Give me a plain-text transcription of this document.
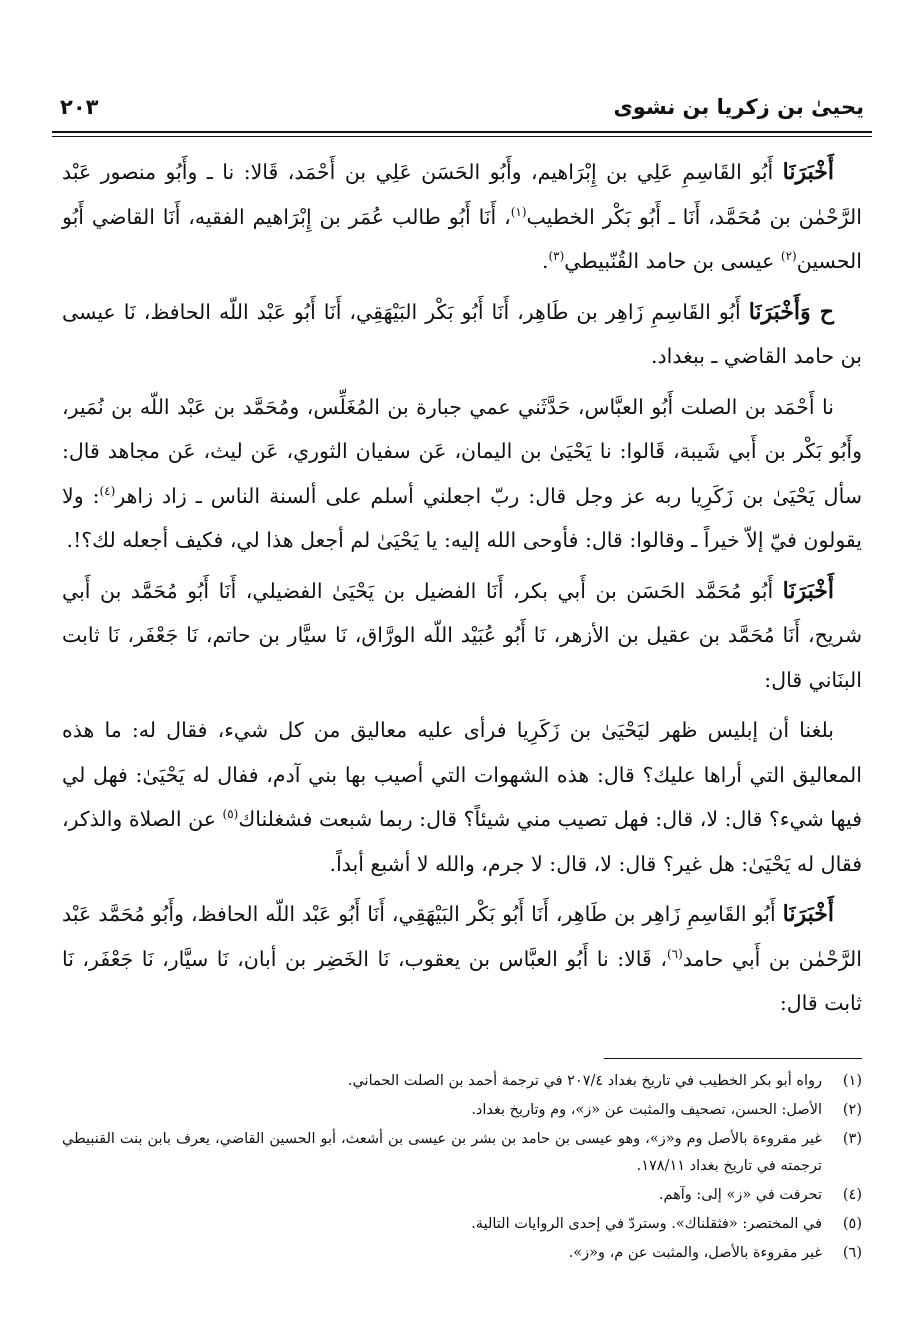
يحيىٰ بن زكريا بن نشوى
٢٠٣

أَخْبَرَنَا أَبُو القَاسِمِ عَلِي بن إِبْرَاهيم، وأَبُو الحَسَن عَلِي بن أَحْمَد، قَالا: نا ـ وأَبُو منصور عَبْد الرَّحْمٰن بن مُحَمَّد، أَنَا ـ أَبُو بَكْر الخطيب$^{(١)}$، أَنَا أَبُو طالب عُمَر بن إِبْرَاهيم الفقيه، أَنَا القاضي أَبُو الحسين$^{(٢)}$ عيسى بن حامد القُنّبيطي$^{(٣)}$.

ح وَأَخْبَرَنَا أَبُو القَاسِمِ زَاهِر بن طَاهِر، أَنَا أَبُو بَكْر البَيْهَقِي، أَنَا أَبُو عَبْد اللّه الحافظ، نَا عيسى بن حامد القاضي ـ ببغداد.

نا أَحْمَد بن الصلت أَبُو العبَّاس، حَدَّثَني عمي جبارة بن المُغَلِّس، ومُحَمَّد بن عَبْد اللّه بن نُمَير، وأَبُو بَكْر بن أَبي شَيبة، قَالوا: نا يَحْيَىٰ بن اليمان، عَن سفيان الثوري، عَن ليث، عَن مجاهد قال: سأل يَحْيَىٰ بن زَكَرِيا ربه عز وجل قال: ربّ اجعلني أسلم على ألسنة الناس ـ زاد زاهر$^{(٤)}$: ولا يقولون فيّ إلاّ خيراً ـ وقالوا: قال: فأوحى الله إليه: يا يَحْيَىٰ لم أجعل هذا لي، فكيف أجعله لك؟!.

أَخْبَرَنَا أَبُو مُحَمَّد الحَسَن بن أَبي بكر، أَنَا الفضيل بن يَحْيَىٰ الفضيلي، أَنَا أَبُو مُحَمَّد بن أَبي شريح، أَنَا مُحَمَّد بن عقيل بن الأزهر، نَا أَبُو عُبَيْد اللّه الورَّاق، نَا سيَّار بن حاتم، نَا جَعْفَر، نَا ثابت البنَاني قال:

بلغنا أن إبليس ظهر ليَحْيَىٰ بن زَكَرِيا فرأى عليه معاليق من كل شيء، فقال له: ما هذه المعاليق التي أراها عليك؟ قال: هذه الشهوات التي أصيب بها بني آدم، ففال له يَحْيَىٰ: فهل لي فيها شيء؟ قال: لا، قال: فهل تصيب مني شيئاً؟ قال: ربما شبعت فشغلناك$^{(٥)}$ عن الصلاة والذكر، فقال له يَحْيَىٰ: هل غير؟ قال: لا، قال: لا جرم، والله لا أشبع أبداً.

أَخْبَرَنَا أَبُو القَاسِمِ زَاهِر بن طَاهِر، أَنَا أَبُو بَكْر البَيْهَقِي، أَنَا أَبُو عَبْد اللّه الحافظ، وأَبُو مُحَمَّد عَبْد الرَّحْمٰن بن أَبي حامد$^{(٦)}$، قَالا: نا أَبُو العبَّاس بن يعقوب، نَا الخَضِر بن أبان، نَا سيَّار، نَا جَعْفَر، نَا ثابت قال:

(١)
رواه أبو بكر الخطيب في تاريخ بغداد ٢٠٧/٤ في ترجمة أحمد بن الصلت الحماني.
(٢)
الأصل: الحسن، تصحيف والمثبت عن «ز»، وم وتاريخ بغداد.
(٣)
غير مقروءة بالأصل وم و«ز»، وهو عيسى بن حامد بن بشر بن عيسى بن أشعث، أبو الحسين القاضي، يعرف بابن بنت القنبيطي ترجمته في تاريخ بغداد ١٧٨/١١.
(٤)
تحرفت في «ز» إلى: وآهم.
(٥)
في المختصر: «فثقلناك». وستردّ في إحدى الروايات التالية.
(٦)
غير مقروءة بالأصل، والمثبت عن م، و«ز».
